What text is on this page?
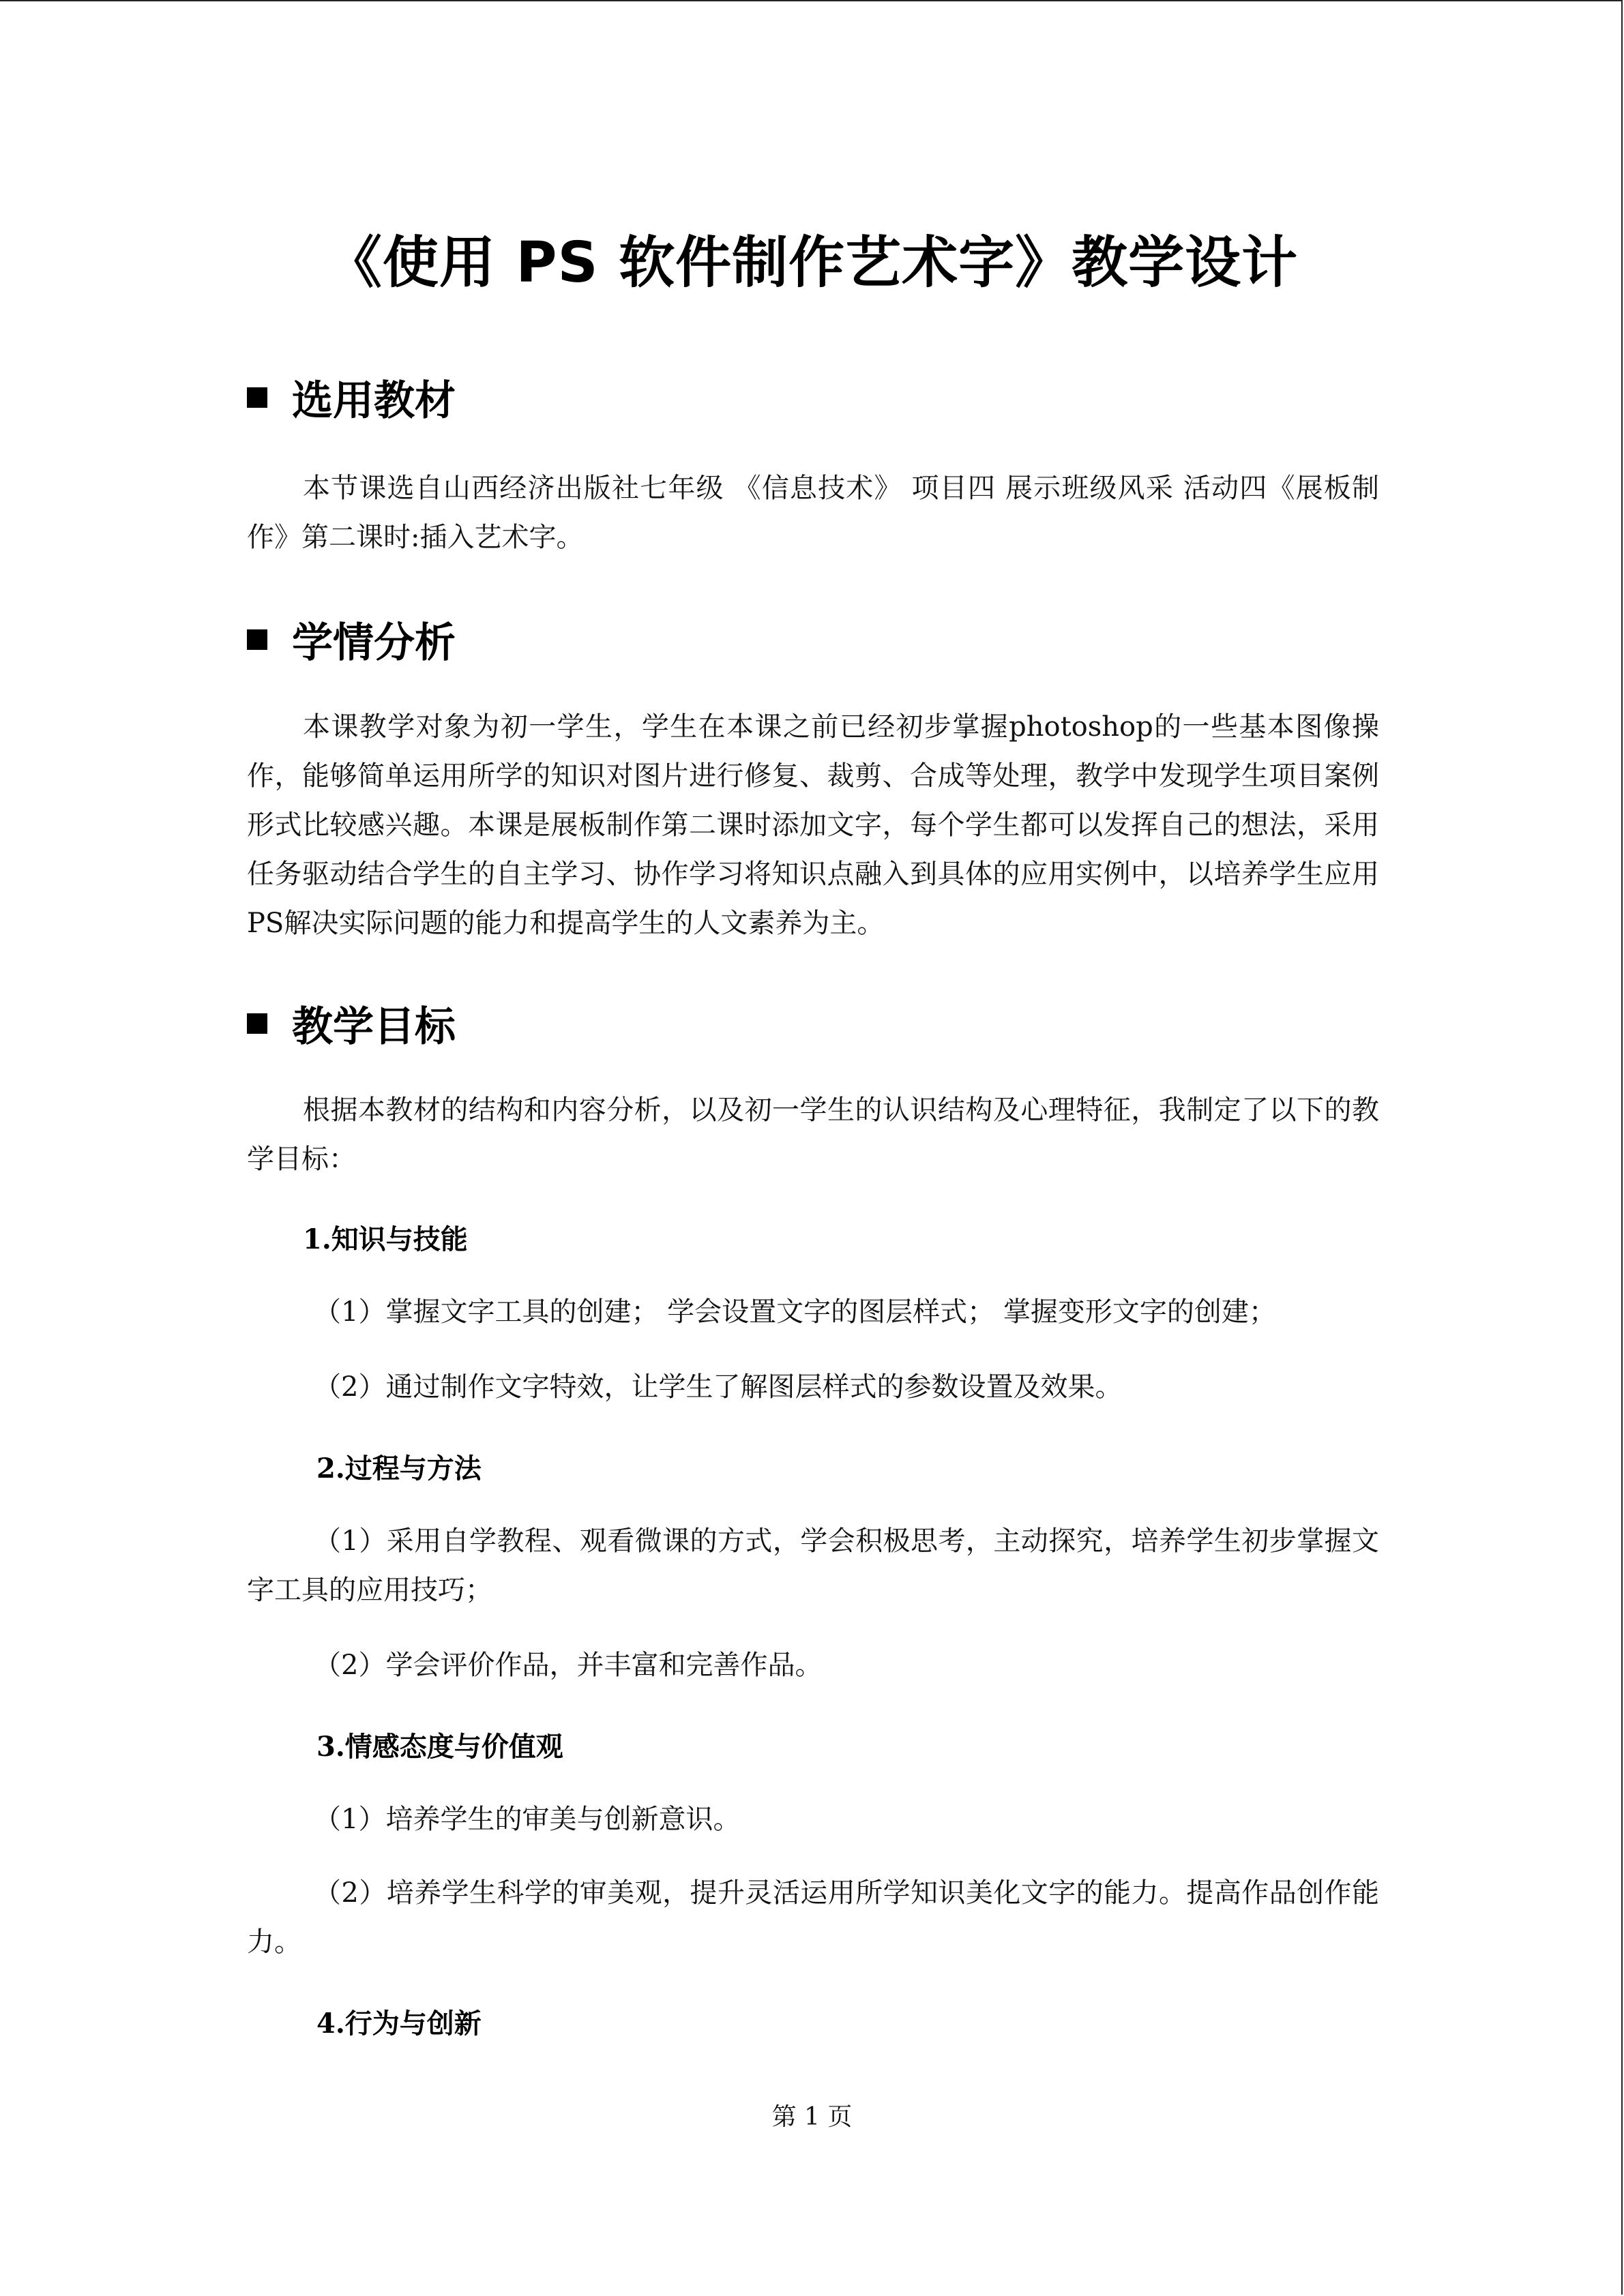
《使用 PS 软件制作艺术字》教学设计
选用教材

本节课选自山西经济出版社七年级 《信息技术》 项目四 展示班级风采 活动四《展板制作》第二课时:插入艺术字。

学情分析

本课教学对象为初一学生，学生在本课之前已经初步掌握photoshop的一些基本图像操作，能够简单运用所学的知识对图片进行修复、裁剪、合成等处理，教学中发现学生项目案例形式比较感兴趣。本课是展板制作第二课时添加文字，每个学生都可以发挥自己的想法，采用任务驱动结合学生的自主学习、协作学习将知识点融入到具体的应用实例中，以培养学生应用PS解决实际问题的能力和提高学生的人文素养为主。

教学目标

根据本教材的结构和内容分析，以及初一学生的认识结构及心理特征，我制定了以下的教学目标：

1.知识与技能

（1）掌握文字工具的创建； 学会设置文字的图层样式； 掌握变形文字的创建；

（2）通过制作文字特效，让学生了解图层样式的参数设置及效果。

2.过程与方法

（1）采用自学教程、观看微课的方式，学会积极思考，主动探究，培养学生初步掌握文字工具的应用技巧；

（2）学会评价作品，并丰富和完善作品。

3.情感态度与价值观

（1）培养学生的审美与创新意识。

（2）培养学生科学的审美观，提升灵活运用所学知识美化文字的能力。提高作品创作能力。

4.行为与创新
第 1 页
